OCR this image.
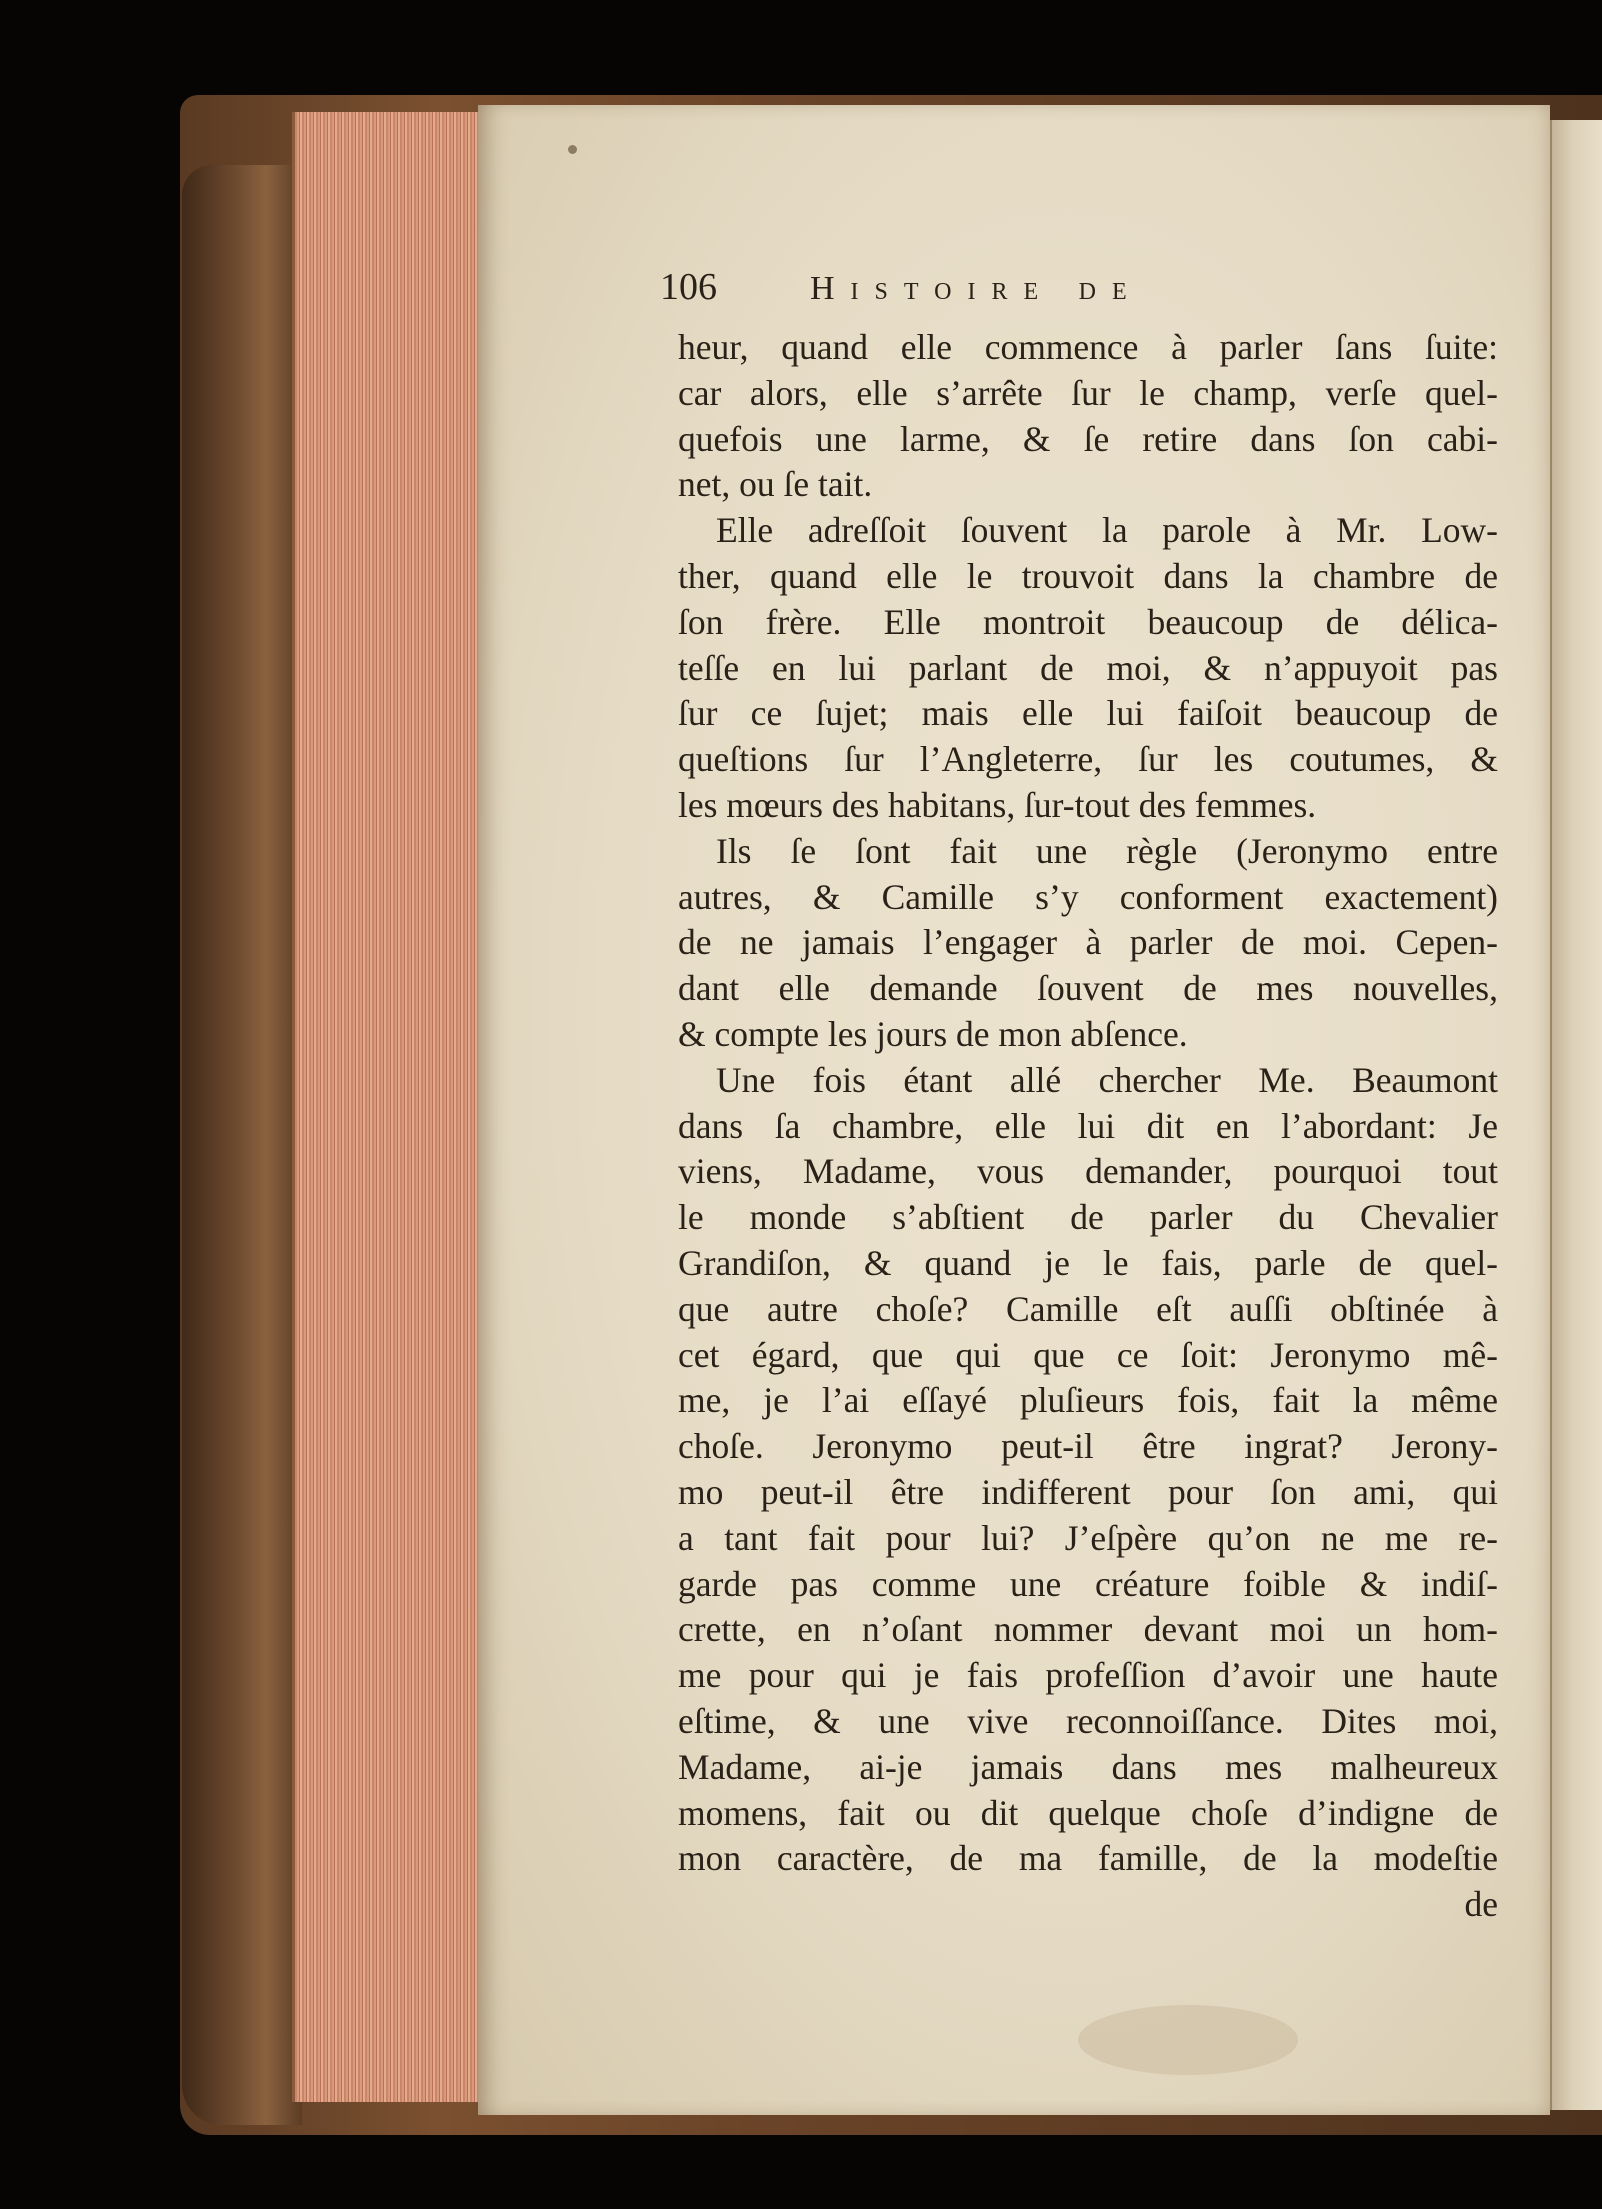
106	Histoire de
heur, quand elle commence à parler ſans ſuite:
car alors, elle s’arrête ſur le champ, verſe quel-
quefois une larme, & ſe retire dans ſon cabi-
net, ou ſe tait.
Elle adreſſoit ſouvent la parole à Mr. Low-
ther, quand elle le trouvoit dans la chambre de
ſon frère. Elle montroit beaucoup de délica-
teſſe en lui parlant de moi, & n’appuyoit pas
ſur ce ſujet; mais elle lui faiſoit beaucoup de
queſtions ſur l’Angleterre, ſur les coutumes, &
les mœurs des habitans, ſur-tout des femmes.
Ils ſe ſont fait une règle (Jeronymo entre
autres, & Camille s’y conforment exactement)
de ne jamais l’engager à parler de moi. Cepen-
dant elle demande ſouvent de mes nouvelles,
& compte les jours de mon abſence.
Une fois étant allé chercher Me. Beaumont
dans ſa chambre, elle lui dit en l’abordant: Je
viens, Madame, vous demander, pourquoi tout
le monde s’abſtient de parler du Chevalier
Grandiſon, & quand je le fais, parle de quel-
que autre choſe? Camille eſt auſſi obſtinée à
cet égard, que qui que ce ſoit: Jeronymo mê-
me, je l’ai eſſayé pluſieurs fois, fait la même
choſe. Jeronymo peut-il être ingrat? Jerony-
mo peut-il être indifferent pour ſon ami, qui
a tant fait pour lui? J’eſpère qu’on ne me re-
garde pas comme une créature foible & indiſ-
crette, en n’oſant nommer devant moi un hom-
me pour qui je fais profeſſion d’avoir une haute
eſtime, & une vive reconnoiſſance. Dites moi,
Madame, ai-je jamais dans mes malheureux
momens, fait ou dit quelque choſe d’indigne de
mon caractère, de ma famille, de la modeſtie
de
